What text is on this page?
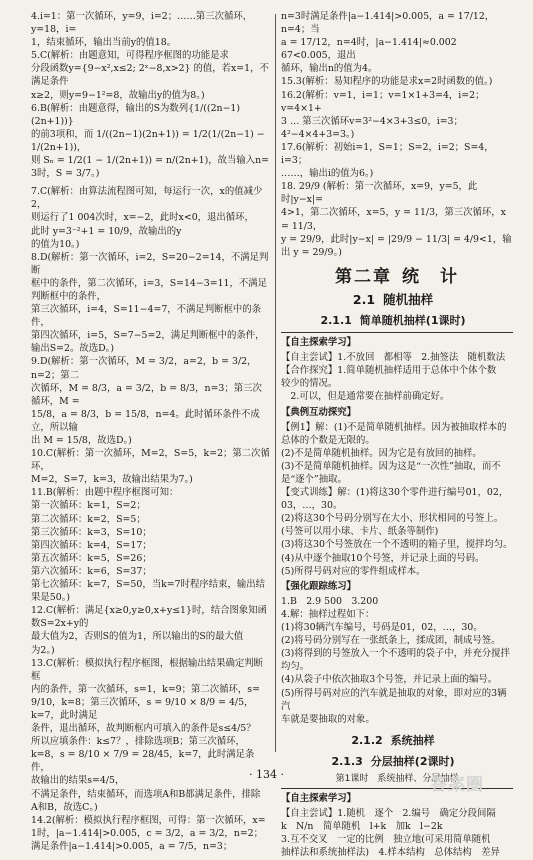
4.i=1：第一次循环，y=9，i=2；……第三次循环，y=18，i=

1，结束循环，输出当前y的值18。

5.C(解析：由题意知，可得程序框图的功能是求

分段函数y={9−x²,x≤2; 2ˣ−8,x>2} 的值，若x=1，不满足条件

x≥2，则y=9−1²=8，故输出y的值为8。)

6.B(解析：由题意得，输出的S为数列{1/((2n−1)(2n+1))}

的前3项和，而 1/((2n−1)(2n+1)) = 1/2(1/(2n−1) − 1/(2n+1))，

则 Sₙ = 1/2(1 − 1/(2n+1)) = n/(2n+1)，故当输入n=

3时，S = 3/7。)

7.C(解析：由算法流程图可知，每运行一次，x的值减少2，

则运行了1 004次时，x=−2，此时x<0，退出循环，

此时 y=3⁻²+1 = 10/9，故输出的y

的值为10。)

8.D(解析：第一次循环，i=2，S=20−2=14，不满足判断

框中的条件，第二次循环，i=3，S=14−3=11，不满足判断框中的条件，

第三次循环，i=4，S=11−4=7，不满足判断框中的条件，

第四次循环，i=5，S=7−5=2，满足判断框中的条件，

输出S=2。故选D。)

9.D(解析：第一次循环，M = 3/2，a=2，b = 3/2，n=2；第二

次循环，M = 8/3，a = 3/2，b = 8/3，n=3；第三次循环，M =

15/8，a = 8/3，b = 15/8，n=4。此时循环条件不成立，所以输

出 M = 15/8，故选D。)

10.C(解析：第一次循环，M=2，S=5，k=2；第二次循环，

M=2，S=7，k=3，故输出结果为7。)

11.B(解析：由题中程序框图可知：

第一次循环：k=1，S=2；

第二次循环：k=2，S=5；

第三次循环：k=3，S=10；

第四次循环：k=4，S=17；

第五次循环：k=5，S=26；

第六次循环：k=6，S=37；

第七次循环：k=7，S=50，当k=7时程序结束，输出结果是50。)

12.C(解析：满足{x≥0,y≥0,x+y≤1}时，结合图象知函数S=2x+y的

最大值为2，否则S的值为1，所以输出的S的最大值

为2。)

13.C(解析：模拟执行程序框图，根据输出结果确定判断框

内的条件，第一次循环，s=1，k=9；第二次循环，s=

9/10，k=8；第三次循环，s = 9/10 × 8/9 = 4/5，k=7，此时满足

条件，退出循环，故判断框内可填入的条件是s≤4/5？

所以应填条件：k≤7？，排除选项B；第三次循环，

k=8，s = 8/10 × 7/9 = 28/45，k=7，此时满足条件，

故输出的结果s=4/5，

不满足条件，结束循环，而选项A和B都满足条件，排除

A和B，故选C。)

14.2(解析：模拟执行程序框图，可得：第一次循环，x=

1时，|a−1.414|>0.005，c = 3/2，a = 3/2，n=2；

满足条件|a−1.414|>0.005，a = 7/5，n=3；

n=3时满足条件|a−1.414|>0.005，a = 17/12，n=4；当

a = 17/12，n=4时，|a−1.414|≈0.002 67<0.005，退出

循环，输出n的值为4。

15.3(解析：易知程序的功能是求x=2时函数的值。)

16.2(解析：v=1，i=1；v=1×1+3=4，i=2；v=4×1+

3 … 第三次循环v=3²−4×3+3≤0，i=3；4²−4×4+3=3。)

17.6(解析：初始i=1，S=1；S=2，i=2；S=4，i=3；

……，输出i的值为6。)

18. 29/9 (解析：第一次循环，x=9，y=5，此时|y−x|=

4>1，第二次循环，x=5，y = 11/3，第三次循环，x = 11/3，

y = 29/9，此时|y−x| = |29/9 − 11/3| = 4/9<1，输出 y = 29/9。)

第二章 统　计
2.1 随机抽样
2.1.1 简单随机抽样(1课时)
【自主探索学习】

【自主尝试】1.不放回　都相等　2.抽签法　随机数法

【合作探究】1.简单随机抽样适用于总体中个体个数

较少的情况。

　2.可以，但是通常要在抽样前确定好。

【典例互动探究】

【例1】解：(1)不是简单随机抽样。因为被抽取样本的

总体的个数是无限的。

(2)不是简单随机抽样。因为它是有放回的抽样。

(3)不是简单随机抽样。因为这是“一次性”抽取，而不

是“逐个”抽取。

【变式训练】解：(1)将这30个零件进行编号01，02，03，…，30。

(2)将这30个号码分别写在大小、形状相同的号签上。

(号签可以用小球、卡片、纸条等制作)

(3)将这30个号签放在一个不透明的箱子里，搅拌均匀。

(4)从中逐个抽取10个号签，并记录上面的号码。

(5)所得号码对应的零件组成样本。

【强化跟踪练习】

1.B　2.9 500　3.200

4.解：抽样过程如下：

(1)将30辆汽车编号，号码是01，02，…，30。

(2)将号码分别写在一张纸条上，揉成团，制成号签。

(3)将得到的号签放入一个不透明的袋子中，并充分搅拌

均匀。

(4)从袋子中依次抽取3个号签，并记录上面的编号。

(5)所得号码对应的汽车就是抽取的对象，即对应的3辆汽

车就是要抽取的对象。

2.1.2 系统抽样
2.1.3 分层抽样(2课时)
第1课时　系统抽样、分层抽样
【自主探索学习】

【自主尝试】1.随机　逐个　2.编号　确定分段间隔

k　N/n　简单随机　l+k　加k　l−2k

3.互不交叉　一定的比例　独立地(可采用简单随机

抽样法和系统抽样法)　4.样本结构　总体结构　差异

· 134 ·
答案圈
